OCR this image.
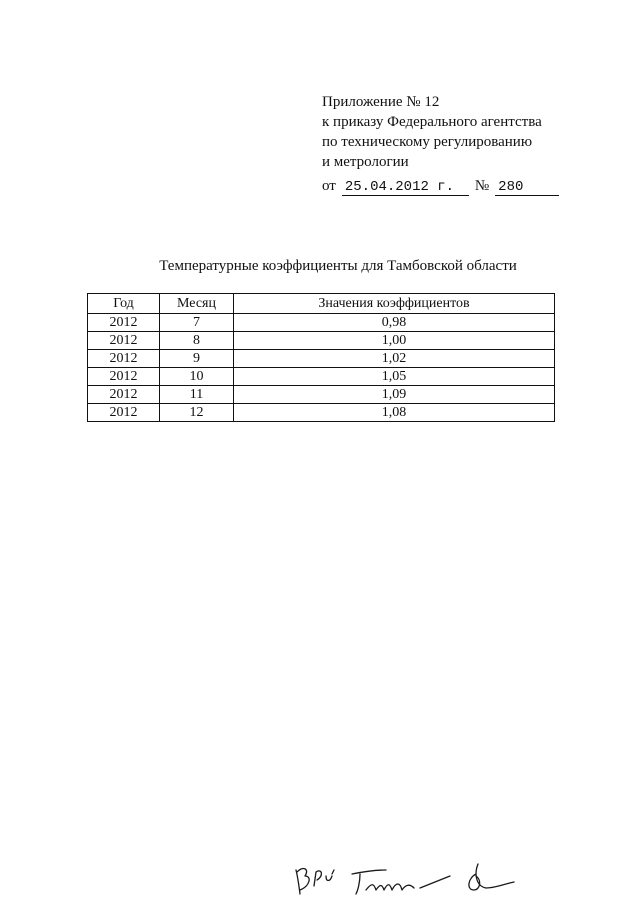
Приложение № 12
к приказу Федерального агентства
по техническому регулированию
и метрологии
от 25.04.2012 г.	№ 280
Температурные коэффициенты для Тамбовской области
Год	Месяц	Значения коэффициентов
2012	7	0,98
2012	8	1,00
2012	9	1,02
2012	10	1,05
2012	11	1,09
2012	12	1,08
